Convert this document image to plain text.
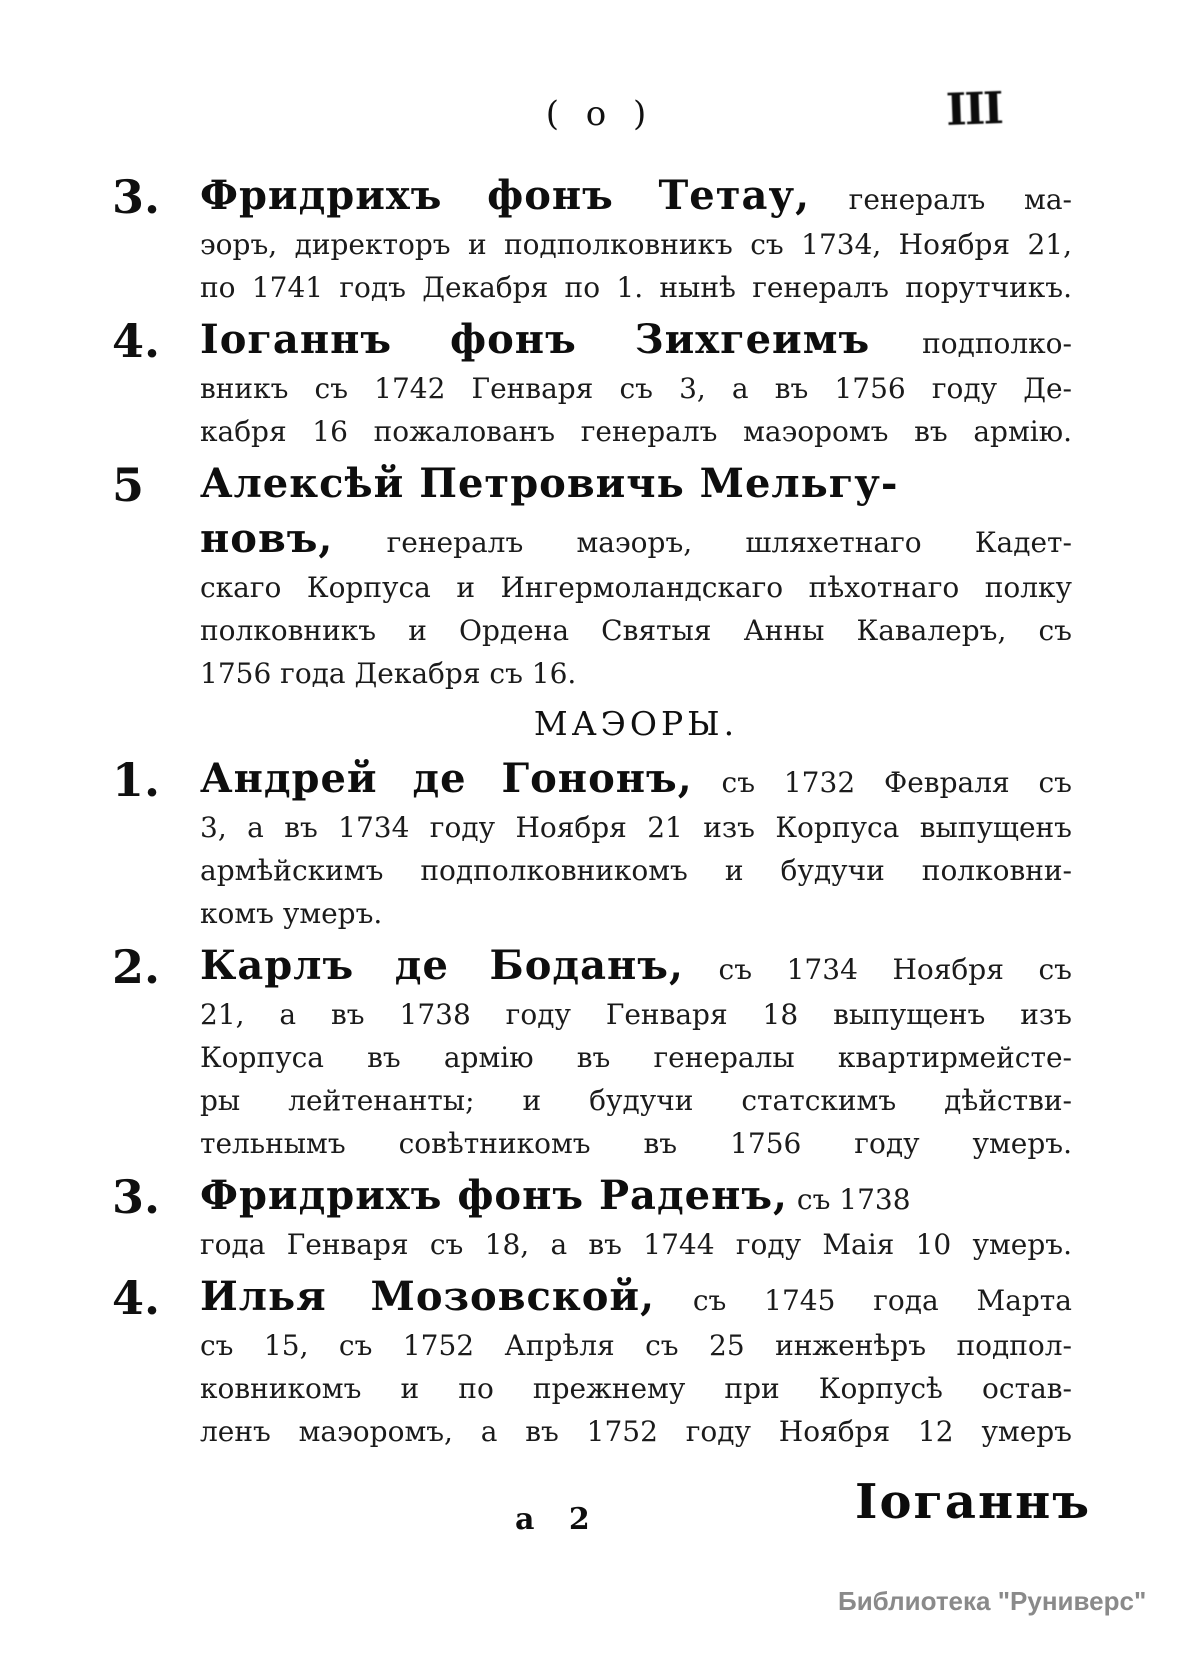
( о )	ІІІ
3. Фридрихъ фонъ Тетау, генералъ ма-
эоръ, директоръ и подполковникъ съ 1734, Ноября 21,
по 1741 годъ Декабря по 1. нынѣ генералъ порутчикъ.
4. Іоганнъ фонъ Зихгеимъ подполко-
вникъ съ 1742 Генваря съ 3, а въ 1756 году Де-
кабря 16 пожалованъ генералъ маэоромъ въ армію.
5 Алексѣй Петровичь Мельгу-
новъ, генералъ маэоръ, шляхетнаго Кадет-
скаго Корпуса и Ингермоландскаго пѣхотнаго полку
полковникъ и Ордена Святыя Анны Кавалеръ, съ
1756 года Декабря съ 16.
МАЭОРЫ.
1. Андрей де Гононъ, съ 1732 Февраля съ
3, а въ 1734 году Ноября 21 изъ Корпуса выпущенъ
армѣйскимъ подполковникомъ и будучи полковни-
комъ умеръ.
2. Карлъ де Боданъ, съ 1734 Ноября съ
21, а въ 1738 году Генваря 18 выпущенъ изъ
Корпуса въ армію въ генералы квартирмейсте-
ры лейтенанты; и будучи статскимъ дѣйстви-
тельнымъ совѣтникомъ въ 1756 году умеръ.
3. Фридрихъ фонъ Раденъ, съ 1738
года Генваря съ 18, а въ 1744 году Маія 10 умеръ.
4. Илья Мозовской, съ 1745 года Марта
съ 15, съ 1752 Апрѣля съ 25 инженѣръ подпол-
ковникомъ и по прежнему при Корпусѣ остав-
ленъ маэоромъ, а въ 1752 году Ноября 12 умеръ
а 2	Іоганнъ
Библиотека "Руниверс"
